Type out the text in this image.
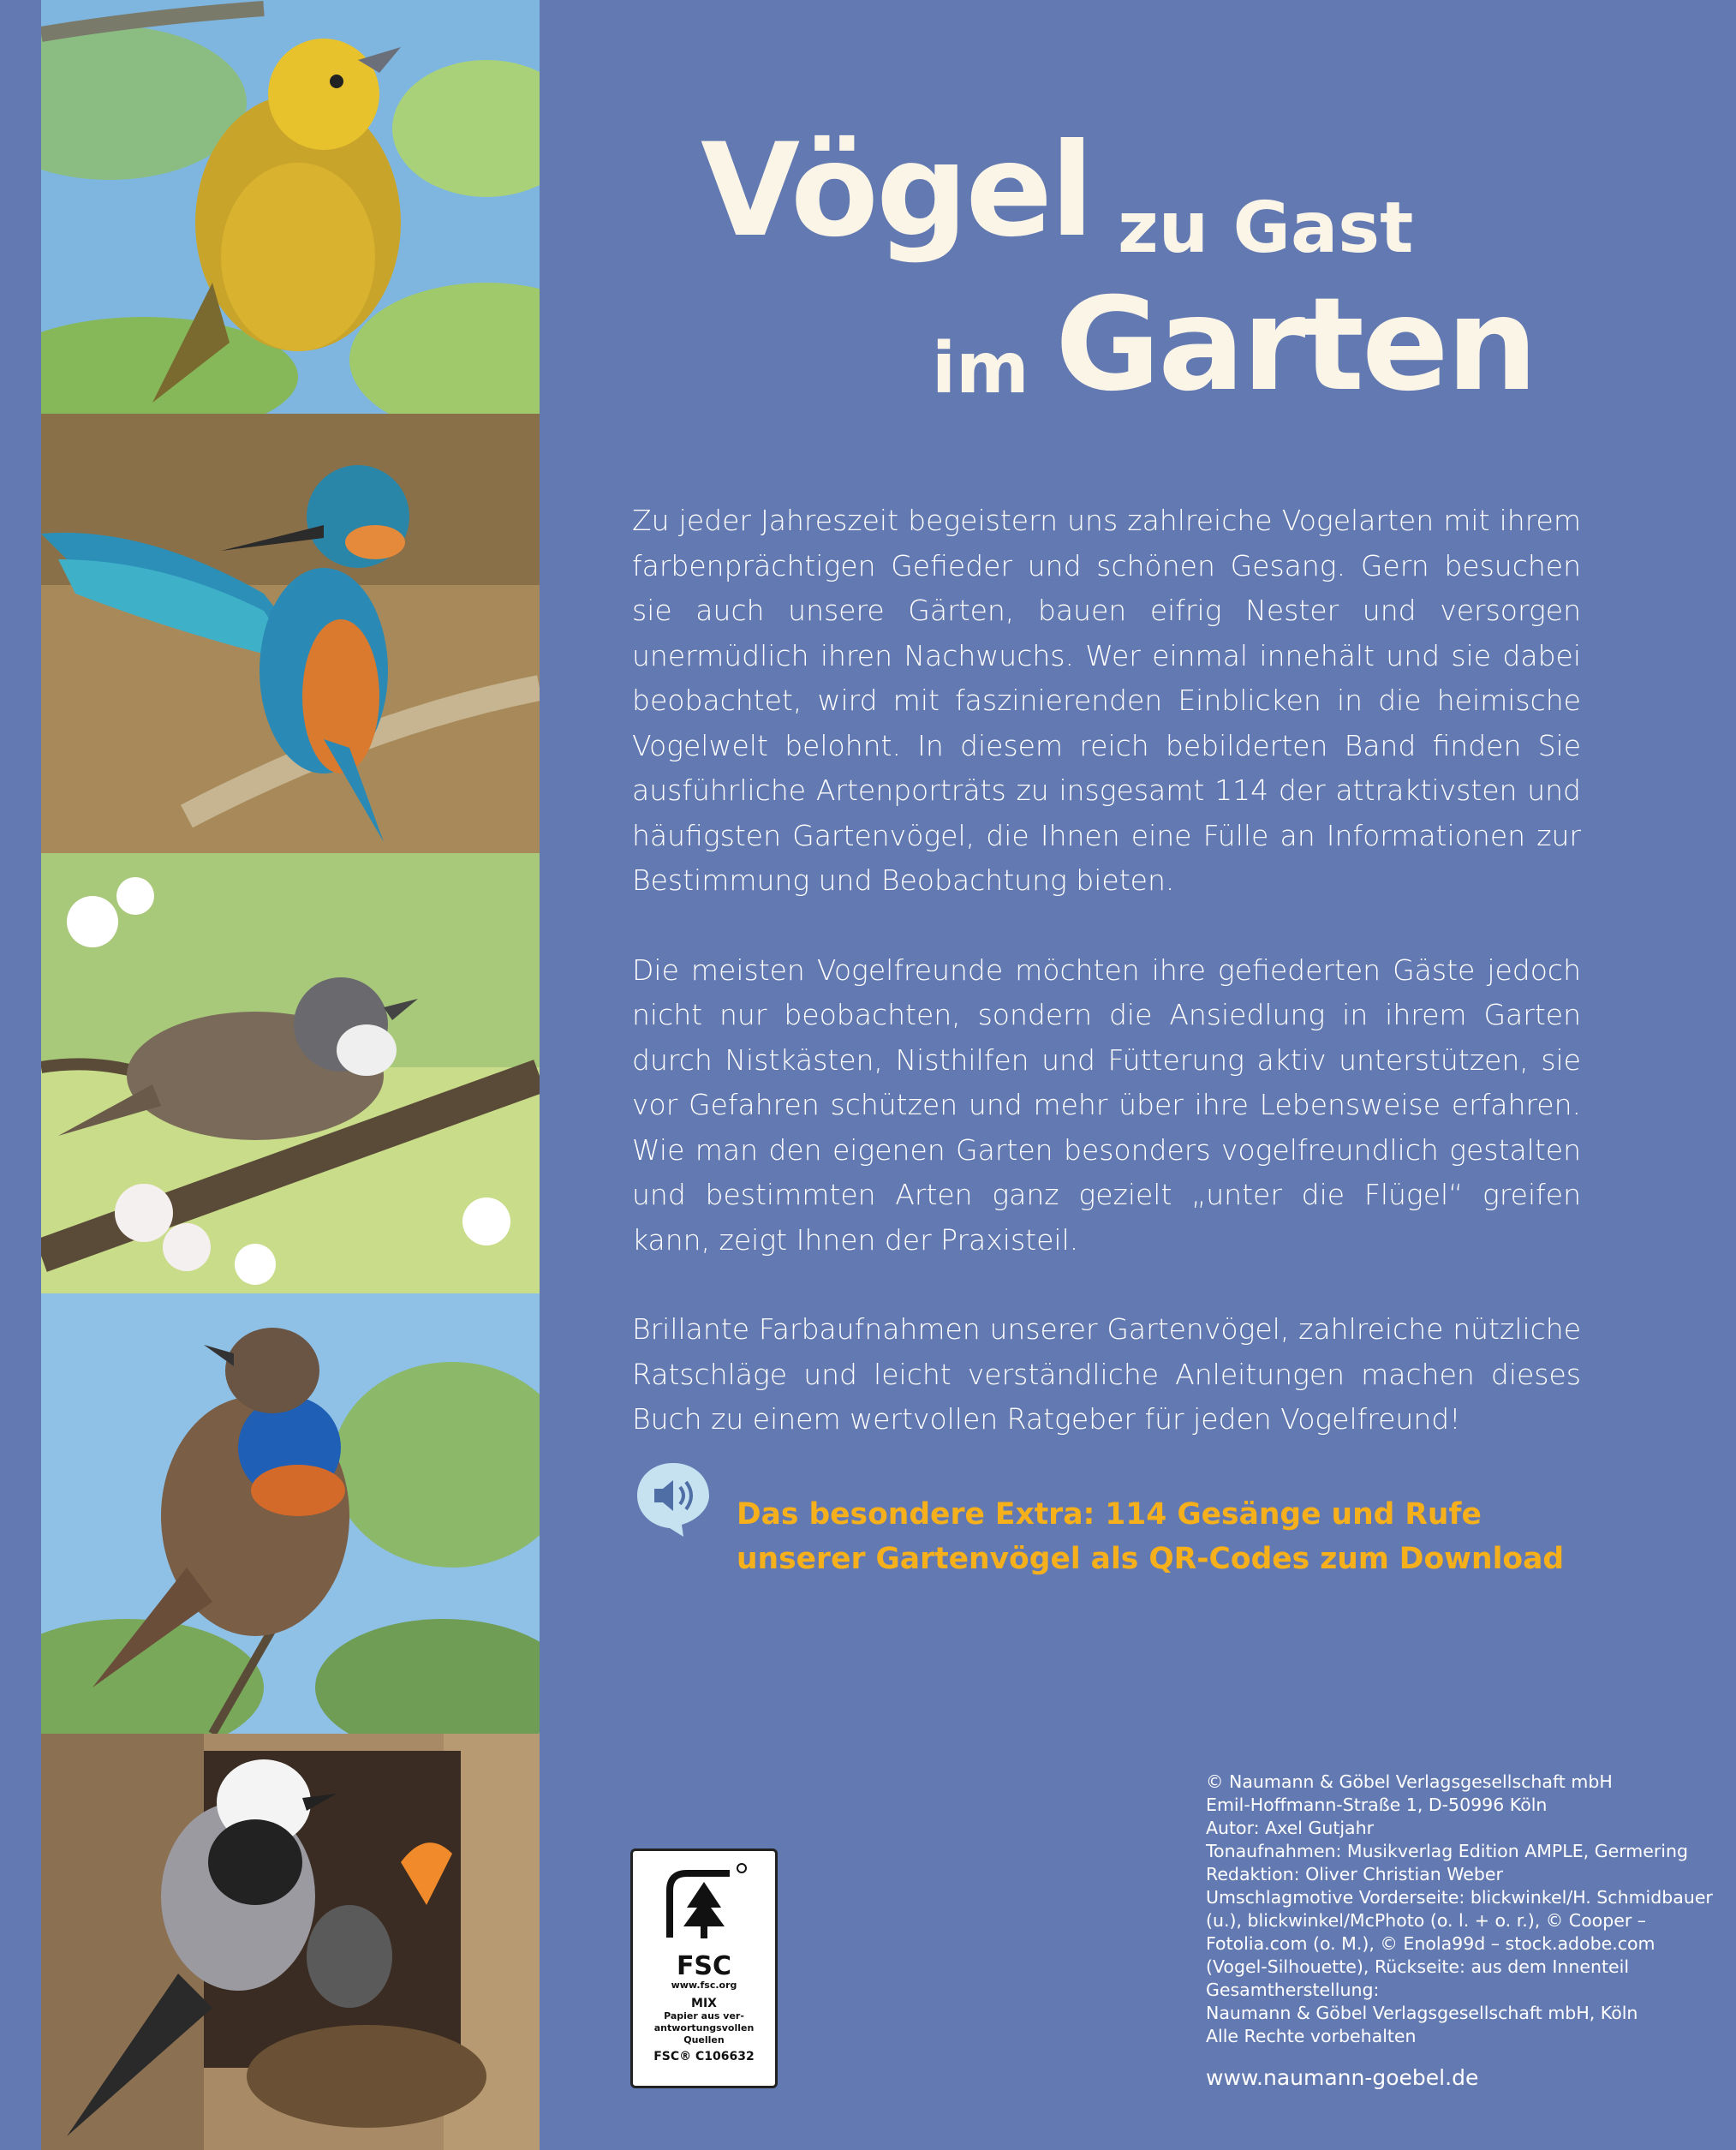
Vögel zu Gast
im Garten

Zu jeder Jahreszeit begeistern uns zahlreiche Vogelarten mit ihrem farbenprächtigen Gefieder und schönen Gesang. Gern besuchen sie auch unsere Gärten, bauen eifrig Nester und versorgen unermüdlich ihren Nachwuchs. Wer einmal innehält und sie dabei beobachtet, wird mit faszinierenden Einblicken in die heimische Vogelwelt belohnt. In diesem reich bebilderten Band finden Sie ausführliche Artenporträts zu insgesamt 114 der attraktivsten und häufigsten Gartenvögel, die Ihnen eine Fülle an Informationen zur Bestimmung und Beobachtung bieten.

Die meisten Vogelfreunde möchten ihre gefiederten Gäste jedoch nicht nur beobachten, sondern die Ansiedlung in ihrem Garten durch Nistkästen, Nisthilfen und Fütterung aktiv unterstützen, sie vor Gefahren schützen und mehr über ihre Lebensweise erfahren. Wie man den eigenen Garten besonders vogelfreundlich gestalten und bestimmten Arten ganz gezielt „unter die Flügel“ greifen kann, zeigt Ihnen der Praxisteil.

Brillante Farbaufnahmen unserer Gartenvögel, zahlreiche nützliche Ratschläge und leicht verständliche Anleitungen machen dieses Buch zu einem wertvollen Ratgeber für jeden Vogelfreund!

Das besondere Extra: 114 Gesänge und Rufe
unserer Gartenvögel als QR-Codes zum Download
FSC
www.fsc.org
MIX
Papier aus ver-
antwortungsvollen
Quellen
FSC® C106632
© Naumann & Göbel Verlagsgesellschaft mbH
Emil-Hoffmann-Straße 1, D-50996 Köln
Autor: Axel Gutjahr
Tonaufnahmen: Musikverlag Edition AMPLE, Germering
Redaktion: Oliver Christian Weber
Umschlagmotive Vorderseite: blickwinkel/H. Schmidbauer
(u.), blickwinkel/McPhoto (o. l. + o. r.), © Cooper –
Fotolia.com (o. M.), © Enola99d – stock.adobe.com
(Vogel-Silhouette), Rückseite: aus dem Innenteil
Gesamtherstellung:
Naumann & Göbel Verlagsgesellschaft mbH, Köln
Alle Rechte vorbehalten
www.naumann-goebel.de
